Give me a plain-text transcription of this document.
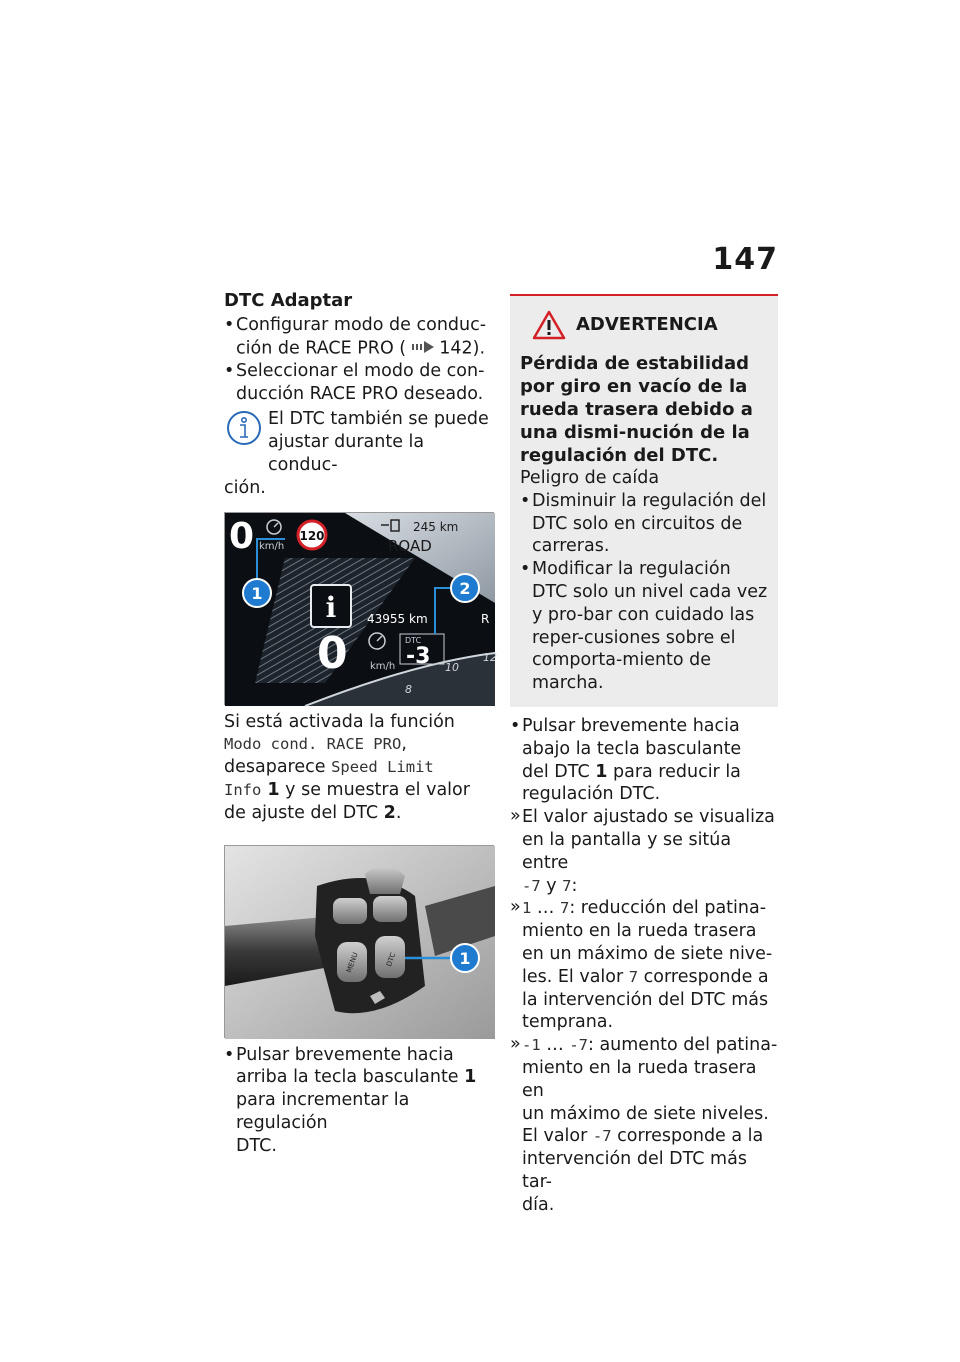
147
DTC Adaptar
• Configurar modo de conduc-ción de RACE PRO ( 142).
• Seleccionar el modo de con-ducción RACE PRO deseado.
El DTC también se puede
ajustar durante la conduc-
ción.
0 km/h
120
245 km
ROAD
i	43955 km	R
0 km/h
DTC
-3 10
8
12
1	2
Si está activada la función
Modo cond. RACE PRO,
desaparece Speed Limit
Info 1 y se muestra el valor
de ajuste del DTC 2.
MENU	DTC	1
• Pulsar brevemente hacia
arriba la tecla basculante 1
para incrementar la regulación
DTC.
ADVERTENCIA
Pérdida de estabilidad por giro en vacío de la rueda trasera debido a una dismi-nución de la regulación del DTC.
Peligro de caída
• Disminuir la regulación del DTC solo en circuitos de carreras.
• Modificar la regulación DTC solo un nivel cada vez y pro-bar con cuidado las reper-cusiones sobre el comporta-miento de marcha.
• Pulsar brevemente hacia
abajo la tecla basculante
del DTC 1 para reducir la
regulación DTC.
» El valor ajustado se visualiza
en la pantalla y se sitúa entre
-7 y 7:
» 1 … 7: reducción del patina-
miento en la rueda trasera
en un máximo de siete nive-
les. El valor 7 corresponde a
la intervención del DTC más
temprana.
» -1 … -7: aumento del patina-
miento en la rueda trasera en
un máximo de siete niveles.
El valor -7 corresponde a la
intervención del DTC más tar-
día.
